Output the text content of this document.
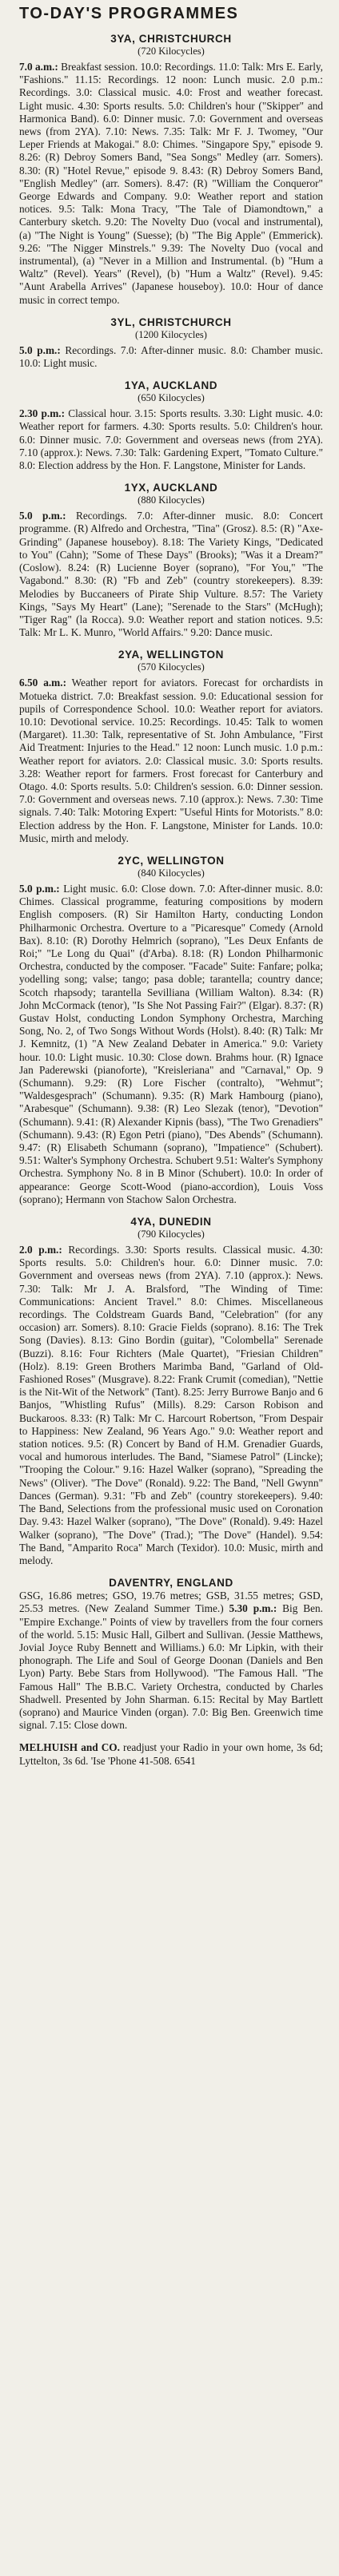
TO-DAY'S PROGRAMMES
3YA, CHRISTCHURCH
(720 Kilocycles)

7.0 a.m.: Breakfast session. 10.0: Recordings. 11.0: Talk: Mrs E. Early, "Fashions." 11.15: Recordings. 12 noon: Lunch music. 2.0 p.m.: Recordings. 3.0: Classical music. 4.0: Frost and weather forecast. Light music. 4.30: Sports results. 5.0: Children's hour ("Skipper" and Harmonica Band). 6.0: Dinner music. 7.0: Government and overseas news (from 2YA). 7.10: News. 7.35: Talk: Mr F. J. Twomey, "Our Leper Friends at Makogai." 8.0: Chimes. "Singapore Spy," episode 9. 8.26: (R) Debroy Somers Band, "Sea Songs" Medley (arr. Somers). 8.30: (R) "Hotel Revue," episode 9. 8.43: (R) Debroy Somers Band, "English Medley" (arr. Somers). 8.47: (R) "William the Conqueror" George Edwards and Company. 9.0: Weather report and station notices. 9.5: Talk: Mona Tracy, "The Tale of Diamondtown," a Canterbury sketch. 9.20: The Novelty Duo (vocal and instrumental), (a) "The Night is Young" (Suesse); (b) "The Big Apple" (Emmerick). 9.26: "The Nigger Minstrels." 9.39: The Novelty Duo (vocal and instrumental), (a) "Never in a Million and Instrumental. (b) "Hum a Waltz" (Revel). Years" (Revel), (b) "Hum a Waltz" (Revel). 9.45: "Aunt Arabella Arrives" (Japanese houseboy). 10.0: Hour of dance music in correct tempo.

3YL, CHRISTCHURCH
(1200 Kilocycles)

5.0 p.m.: Recordings. 7.0: After-dinner music. 8.0: Chamber music. 10.0: Light music.

1YA, AUCKLAND
(650 Kilocycles)

2.30 p.m.: Classical hour. 3.15: Sports results. 3.30: Light music. 4.0: Weather report for farmers. 4.30: Sports results. 5.0: Children's hour. 6.0: Dinner music. 7.0: Government and overseas news (from 2YA). 7.10 (approx.): News. 7.30: Talk: Gardening Expert, "Tomato Culture." 8.0: Election address by the Hon. F. Langstone, Minister for Lands.

1YX, AUCKLAND
(880 Kilocycles)

5.0 p.m.: Recordings. 7.0: After-dinner music. 8.0: Concert programme. (R) Alfredo and Orchestra, "Tina" (Grosz). 8.5: (R) "Axe-Grinding" (Japanese houseboy). 8.18: The Variety Kings, "Dedicated to You" (Cahn); "Some of These Days" (Brooks); "Was it a Dream?" (Coslow). 8.24: (R) Lucienne Boyer (soprano), "For You," "The Vagabond." 8.30: (R) "Fb and Zeb" (country storekeepers). 8.39: Melodies by Buccaneers of Pirate Ship Vulture. 8.57: The Variety Kings, "Says My Heart" (Lane); "Serenade to the Stars" (McHugh); "Tiger Rag" (la Rocca). 9.0: Weather report and station notices. 9.5: Talk: Mr L. K. Munro, "World Affairs." 9.20: Dance music.

2YA, WELLINGTON
(570 Kilocycles)

6.50 a.m.: Weather report for aviators. Forecast for orchardists in Motueka district. 7.0: Breakfast session. 9.0: Educational session for pupils of Correspondence School. 10.0: Weather report for aviators. 10.10: Devotional service. 10.25: Recordings. 10.45: Talk to women (Margaret). 11.30: Talk, representative of St. John Ambulance, "First Aid Treatment: Injuries to the Head." 12 noon: Lunch music. 1.0 p.m.: Weather report for aviators. 2.0: Classical music. 3.0: Sports results. 3.28: Weather report for farmers. Frost forecast for Canterbury and Otago. 4.0: Sports results. 5.0: Children's session. 6.0: Dinner session. 7.0: Government and overseas news. 7.10 (approx.): News. 7.30: Time signals. 7.40: Talk: Motoring Expert: "Useful Hints for Motorists." 8.0: Election address by the Hon. F. Langstone, Minister for Lands. 10.0: Music, mirth and melody.

2YC, WELLINGTON
(840 Kilocycles)

5.0 p.m.: Light music. 6.0: Close down. 7.0: After-dinner music. 8.0: Chimes. Classical programme, featuring compositions by modern English composers. (R) Sir Hamilton Harty, conducting London Philharmonic Orchestra. Overture to a "Picaresque" Comedy (Arnold Bax). 8.10: (R) Dorothy Helmrich (soprano), "Les Deux Enfants de Roi;" "Le Long du Quai" (d'Arba). 8.18: (R) London Philharmonic Orchestra, conducted by the composer. "Facade" Suite: Fanfare; polka; yodelling song; valse; tango; pasa doble; tarantella; country dance; Scotch rhapsody; tarantella Sevilliana (William Walton). 8.34: (R) John McCormack (tenor), "Is She Not Passing Fair?" (Elgar). 8.37: (R) Gustav Holst, conducting London Symphony Orchestra, Marching Song, No. 2, of Two Songs Without Words (Holst). 8.40: (R) Talk: Mr J. Kemnitz, (1) "A New Zealand Debater in America." 9.0: Variety hour. 10.0: Light music. 10.30: Close down. Brahms hour. (R) Ignace Jan Paderewski (pianoforte), "Kreisleriana" and "Carnaval," Op. 9 (Schumann). 9.29: (R) Lore Fischer (contralto), "Wehmut"; "Waldesgesprach" (Schumann). 9.35: (R) Mark Hambourg (piano), "Arabesque" (Schumann). 9.38: (R) Leo Slezak (tenor), "Devotion" (Schumann). 9.41: (R) Alexander Kipnis (bass), "The Two Grenadiers" (Schumann). 9.43: (R) Egon Petri (piano), "Des Abends" (Schumann). 9.47: (R) Elisabeth Schumann (soprano), "Impatience" (Schubert). 9.51: Walter's Symphony Orchestra. Schubert 9.51: Walter's Symphony Orchestra. Symphony No. 8 in B Minor (Schubert). 10.0: In order of appearance: George Scott-Wood (piano-accordion), Louis Voss (soprano); Hermann von Stachow Salon Orchestra.

4YA, DUNEDIN
(790 Kilocycles)

2.0 p.m.: Recordings. 3.30: Sports results. Classical music. 4.30: Sports results. 5.0: Children's hour. 6.0: Dinner music. 7.0: Government and overseas news (from 2YA). 7.10 (approx.): News. 7.30: Talk: Mr J. A. Bralsford, "The Winding of Time: Communications: Ancient Travel." 8.0: Chimes. Miscellaneous recordings. The Coldstream Guards Band, "Celebration" (for any occasion) arr. Somers). 8.10: Gracie Fields (soprano). 8.16: The Trek Song (Davies). 8.13: Gino Bordin (guitar), "Colombella" Serenade (Buzzi). 8.16: Four Richters (Male Quartet), "Friesian Children" (Holz). 8.19: Green Brothers Marimba Band, "Garland of Old-Fashioned Roses" (Musgrave). 8.22: Frank Crumit (comedian), "Nettie is the Nit-Wit of the Network" (Tant). 8.25: Jerry Burrowe Banjo and 6 Banjos, "Whistling Rufus" (Mills). 8.29: Carson Robison and Buckaroos. 8.33: (R) Talk: Mr C. Harcourt Robertson, "From Despair to Happiness: New Zealand, 96 Years Ago." 9.0: Weather report and station notices. 9.5: (R) Concert by Band of H.M. Grenadier Guards, vocal and humorous interludes. The Band, "Siamese Patrol" (Lincke); "Trooping the Colour." 9.16: Hazel Walker (soprano), "Spreading the News" (Oliver). "The Dove" (Ronald). 9.22: The Band, "Nell Gwynn" Dances (German). 9.31: "Fb and Zeb" (country storekeepers). 9.40: The Band, Selections from the professional music used on Coronation Day. 9.43: Hazel Walker (soprano), "The Dove" (Ronald). 9.49: Hazel Walker (soprano), "The Dove" (Trad.); "The Dove" (Handel). 9.54: The Band, "Amparito Roca" March (Texidor). 10.0: Music, mirth and melody.

DAVENTRY, ENGLAND

GSG, 16.86 metres; GSO, 19.76 metres; GSB, 31.55 metres; GSD, 25.53 metres. (New Zealand Summer Time.) 5.30 p.m.: Big Ben. "Empire Exchange." Points of view by travellers from the four corners of the world. 5.15: Music Hall, Gilbert and Sullivan. (Jessie Matthews, Jovial Joyce Ruby Bennett and Williams.) 6.0: Mr Lipkin, with their phonograph. The Life and Soul of George Doonan (Daniels and Ben Lyon) Party. Bebe Stars from Hollywood). "The Famous Hall. "The Famous Hall" The B.B.C. Variety Orchestra, conducted by Charles Shadwell. Presented by John Sharman. 6.15: Recital by May Bartlett (soprano) and Maurice Vinden (organ). 7.0: Big Ben. Greenwich time signal. 7.15: Close down.

MELHUISH and CO. readjust your Radio in your own home, 3s 6d; Lyttelton, 3s 6d. 'Ise 'Phone 41-508. 6541
